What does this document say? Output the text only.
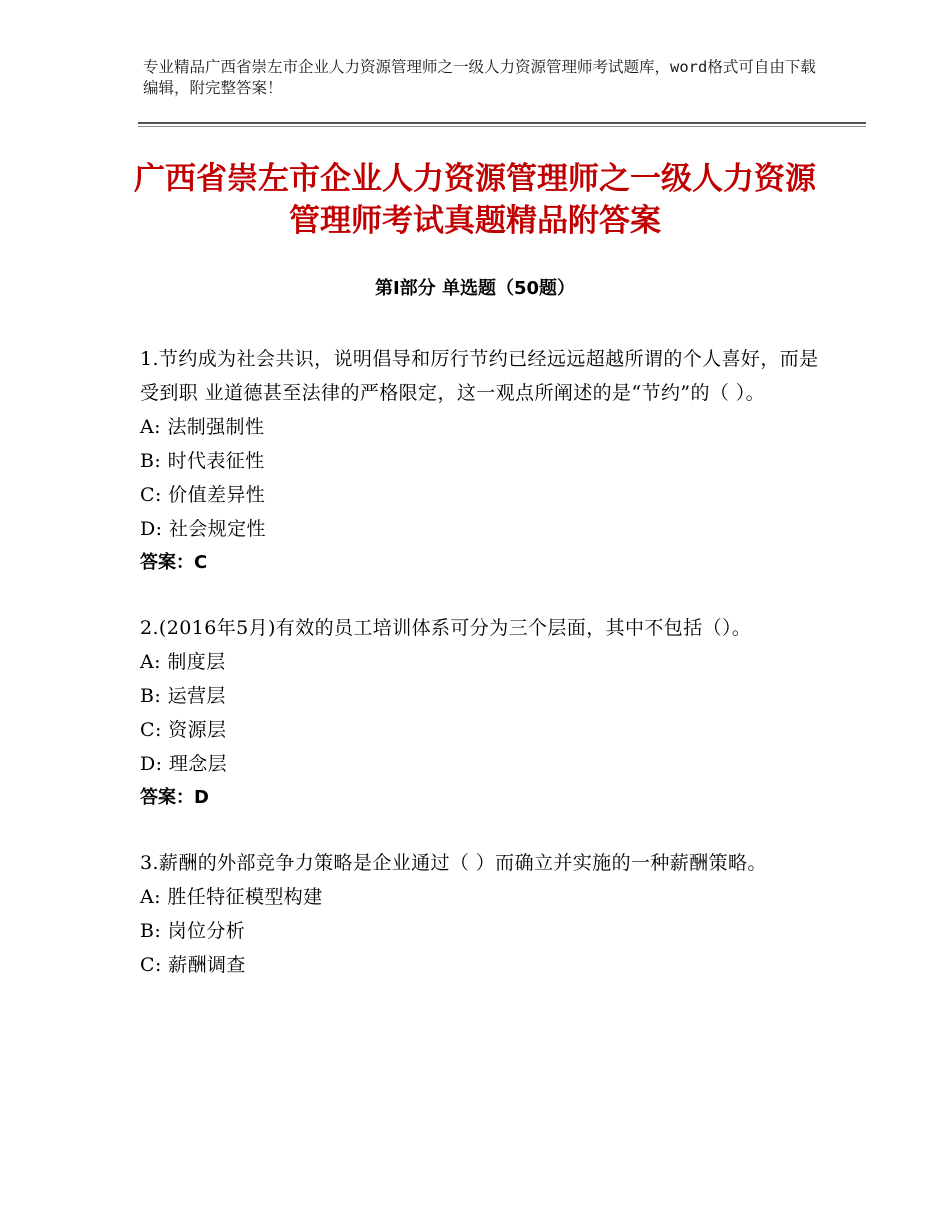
专业精品广西省崇左市企业人力资源管理师之一级人力资源管理师考试题库，word格式可自由下载编辑，附完整答案！
广西省崇左市企业人力资源管理师之一级人力资源管理师考试真题精品附答案
第Ⅰ部分 单选题（50题）
1.节约成为社会共识，说明倡导和厉行节约已经远远超越所谓的个人喜好，而是受到职 业道德甚至法律的严格限定，这一观点所阐述的是“节约”的（ ）。
A: 法制强制性
B: 时代表征性
C: 价值差异性
D: 社会规定性
答案：C
2.(2016年5月)有效的员工培训体系可分为三个层面，其中不包括（）。
A: 制度层
B: 运营层
C: 资源层
D: 理念层
答案：D
3.薪酬的外部竞争力策略是企业通过（ ）而确立并实施的一种薪酬策略。
A: 胜任特征模型构建
B: 岗位分析
C: 薪酬调查
